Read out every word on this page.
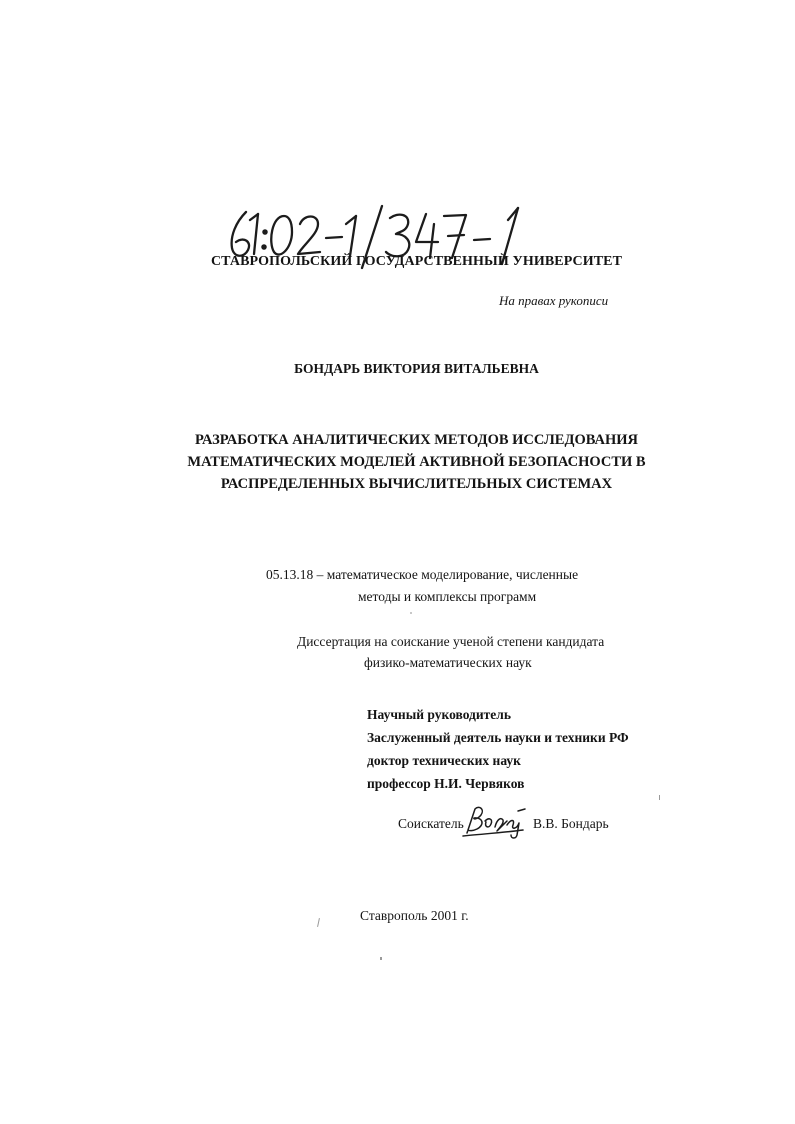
СТАВРОПОЛЬСКИЙ ГОСУДАРСТВЕННЫЙ УНИВЕРСИТЕТ
На правах рукописи
БОНДАРЬ ВИКТОРИЯ ВИТАЛЬЕВНА
РАЗРАБОТКА АНАЛИТИЧЕСКИХ МЕТОДОВ ИССЛЕДОВАНИЯ
МАТЕМАТИЧЕСКИХ МОДЕЛЕЙ АКТИВНОЙ БЕЗОПАСНОСТИ В
РАСПРЕДЕЛЕННЫХ ВЫЧИСЛИТЕЛЬНЫХ СИСТЕМАХ
05.13.18 – математическое моделирование, численные
методы и комплексы программ
Диссертация на соискание ученой степени кандидата
физико-математических наук
Научный руководитель
Заслуженный деятель науки и техники РФ
доктор технических наук
профессор Н.И. Червяков
Соискатель	В.В. Бондарь
Ставрополь 2001 г.
